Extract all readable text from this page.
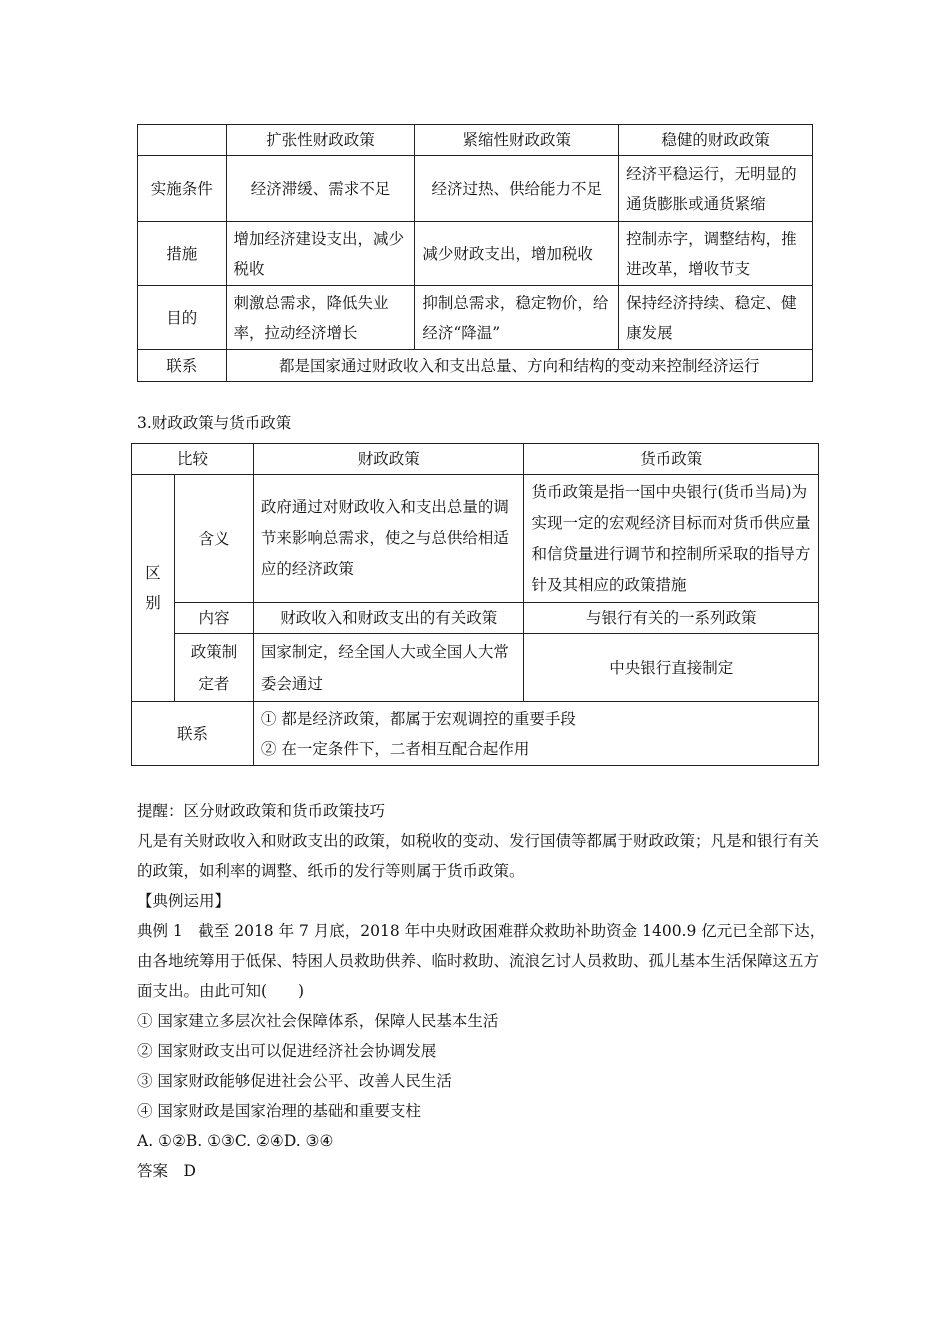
	扩张性财政政策	紧缩性财政政策	稳健的财政政策
实施条件	经济滞缓、需求不足	经济过热、供给能力不足	经济平稳运行，无明显的通货膨胀或通货紧缩
措施	增加经济建设支出，减少税收	减少财政支出，增加税收	控制赤字，调整结构，推进改革，增收节支
目的	刺激总需求，降低失业率，拉动经济增长	抑制总需求，稳定物价，给经济“降温”	保持经济持续、稳定、健康发展
联系	都是国家通过财政收入和支出总量、方向和结构的变动来控制经济运行		
3.财政政策与货币政策
比较		财政政策	货币政策

区别	含义	政府通过对财政收入和支出总量的调节来影响总需求，使之与总供给相适应的经济政策	货币政策是指一国中央银行(货币当局)为实现一定的宏观经济目标而对货币供应量和信贷量进行调节和控制所采取的指导方针及其相应的政策措施
	内容	财政收入和财政支出的有关政策	与银行有关的一系列政策

	政策制定者	国家制定，经全国人大或全国人大常委会通过	中央银行直接制定
联系		① 都是经济政策，都属于宏观调控的重要手段
② 在一定条件下，二者相互配合起作用	

提醒：区分财政政策和货币政策技巧

凡是有关财政收入和财政支出的政策，如税收的变动、发行国债等都属于财政政策；凡是和银行有关的政策，如利率的调整、纸币的发行等则属于货币政策。

【典例运用】

典例 1　截至 2018 年 7 月底，2018 年中央财政困难群众救助补助资金 1400.9 亿元已全部下达，由各地统筹用于低保、特困人员救助供养、临时救助、流浪乞讨人员救助、孤儿基本生活保障这五方面支出。由此可知(　　)

① 国家建立多层次社会保障体系，保障人民基本生活

② 国家财政支出可以促进经济社会协调发展

③ 国家财政能够促进社会公平、改善人民生活

④ 国家财政是国家治理的基础和重要支柱

A. ①②B. ①③C. ②④D. ③④

答案　D
